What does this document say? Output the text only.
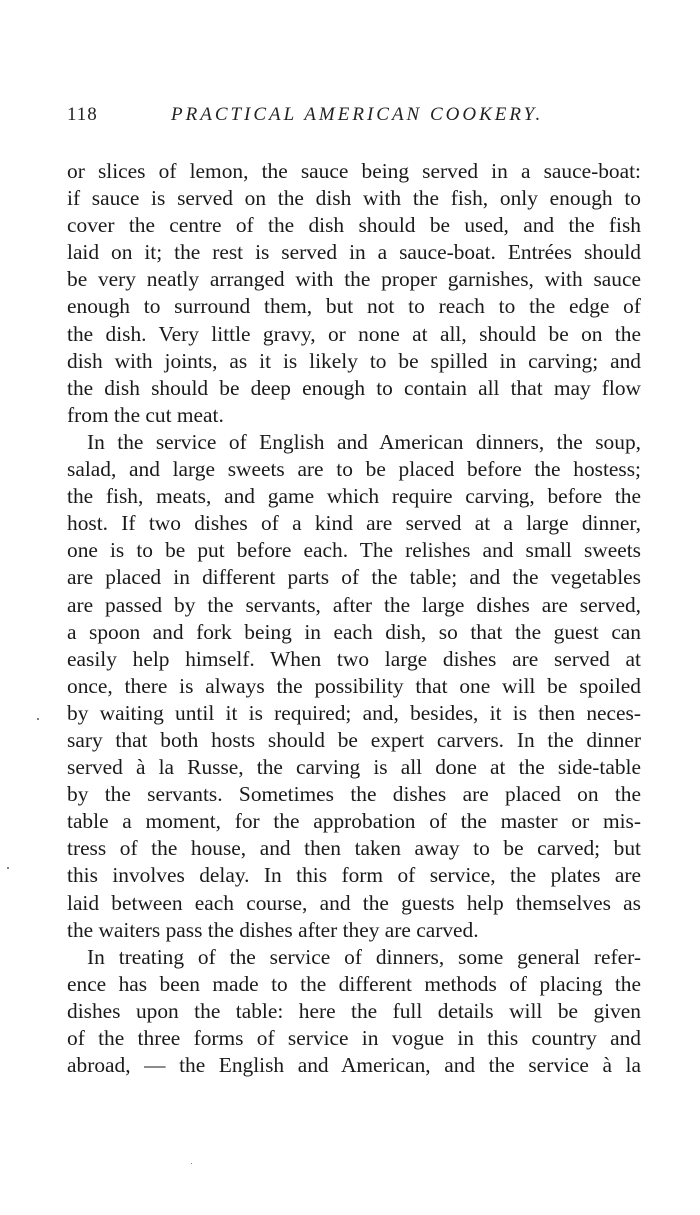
118	PRACTICAL AMERICAN COOKERY.
or slices of lemon, the sauce being served in a sauce-boat:
if sauce is served on the dish with the fish, only enough to
cover the centre of the dish should be used, and the fish
laid on it; the rest is served in a sauce-boat. Entrées should
be very neatly arranged with the proper garnishes, with sauce
enough to surround them, but not to reach to the edge of
the dish. Very little gravy, or none at all, should be on the
dish with joints, as it is likely to be spilled in carving; and
the dish should be deep enough to contain all that may flow
from the cut meat.
In the service of English and American dinners, the soup,
salad, and large sweets are to be placed before the hostess;
the fish, meats, and game which require carving, before the
host. If two dishes of a kind are served at a large dinner,
one is to be put before each. The relishes and small sweets
are placed in different parts of the table; and the vegetables
are passed by the servants, after the large dishes are served,
a spoon and fork being in each dish, so that the guest can
easily help himself. When two large dishes are served at
once, there is always the possibility that one will be spoiled
by waiting until it is required; and, besides, it is then neces-
sary that both hosts should be expert carvers. In the dinner
served à la Russe, the carving is all done at the side-table
by the servants. Sometimes the dishes are placed on the
table a moment, for the approbation of the master or mis-
tress of the house, and then taken away to be carved; but
this involves delay. In this form of service, the plates are
laid between each course, and the guests help themselves as
the waiters pass the dishes after they are carved.
In treating of the service of dinners, some general refer-
ence has been made to the different methods of placing the
dishes upon the table: here the full details will be given
of the three forms of service in vogue in this country and
abroad, — the English and American, and the service à la
